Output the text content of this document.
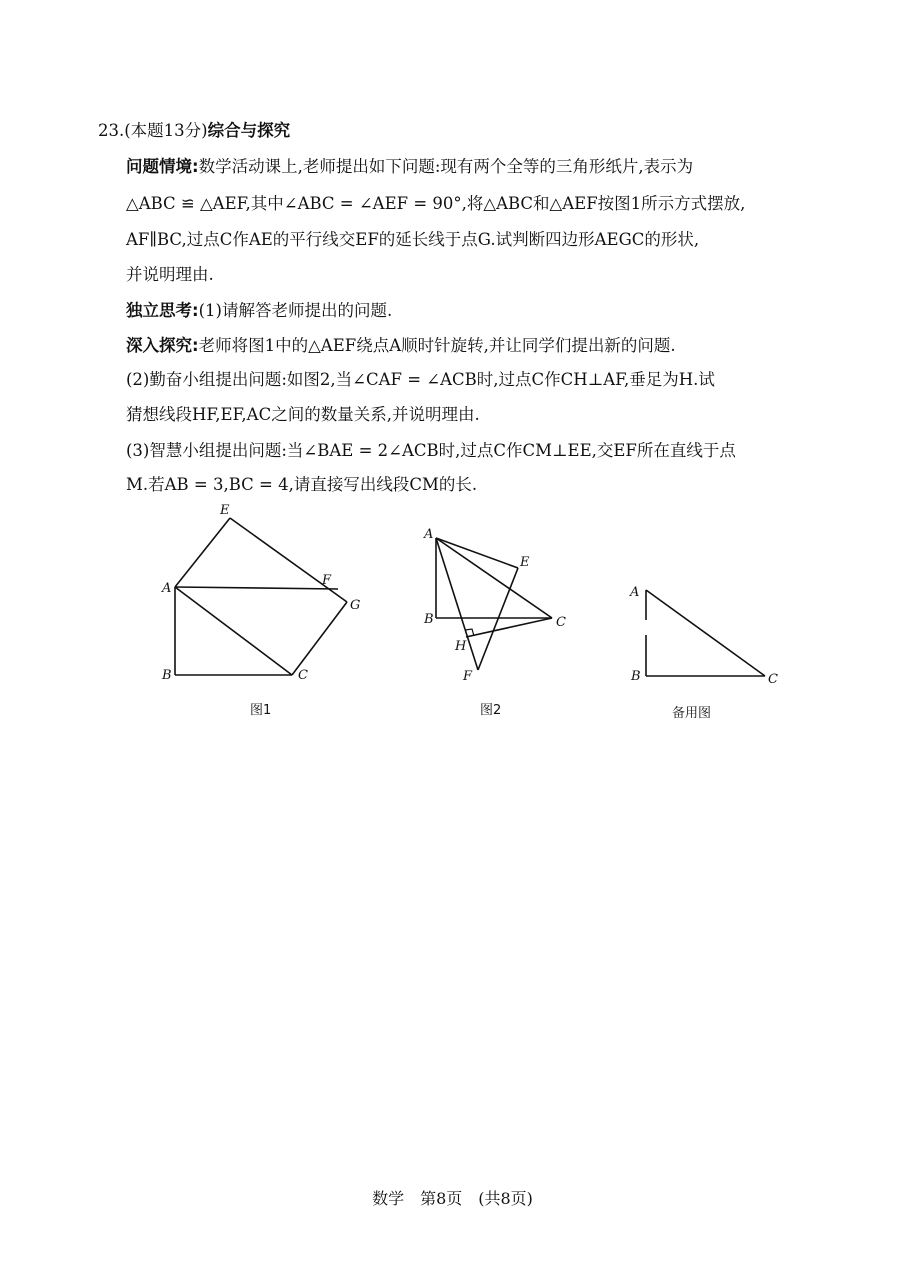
23.(本题13分)综合与探究
问题情境:数学活动课上,老师提出如下问题:现有两个全等的三角形纸片,表示为
△ABC ≌ △AEF,其中∠ABC = ∠AEF = 90°,将△ABC和△AEF按图1所示方式摆放,
AF∥BC,过点C作AE的平行线交EF的延长线于点G.试判断四边形AEGC的形状,
并说明理由.
独立思考:(1)请解答老师提出的问题.
深入探究:老师将图1中的△AEF绕点A顺时针旋转,并让同学们提出新的问题.
(2)勤奋小组提出问题:如图2,当∠CAF = ∠ACB时,过点C作CH⊥AF,垂足为H.试
猜想线段HF,EF,AC之间的数量关系,并说明理由.
(3)智慧小组提出问题:当∠BAE = 2∠ACB时,过点C作CM⊥EE,交EF所在直线于点
M.若AB = 3,BC = 4,请直接写出线段CM的长.
E
A
F
G
B	C
A
E
B	C
H
F
A
B	C
图1	图2	备用图
数学　第8页　(共8页)
